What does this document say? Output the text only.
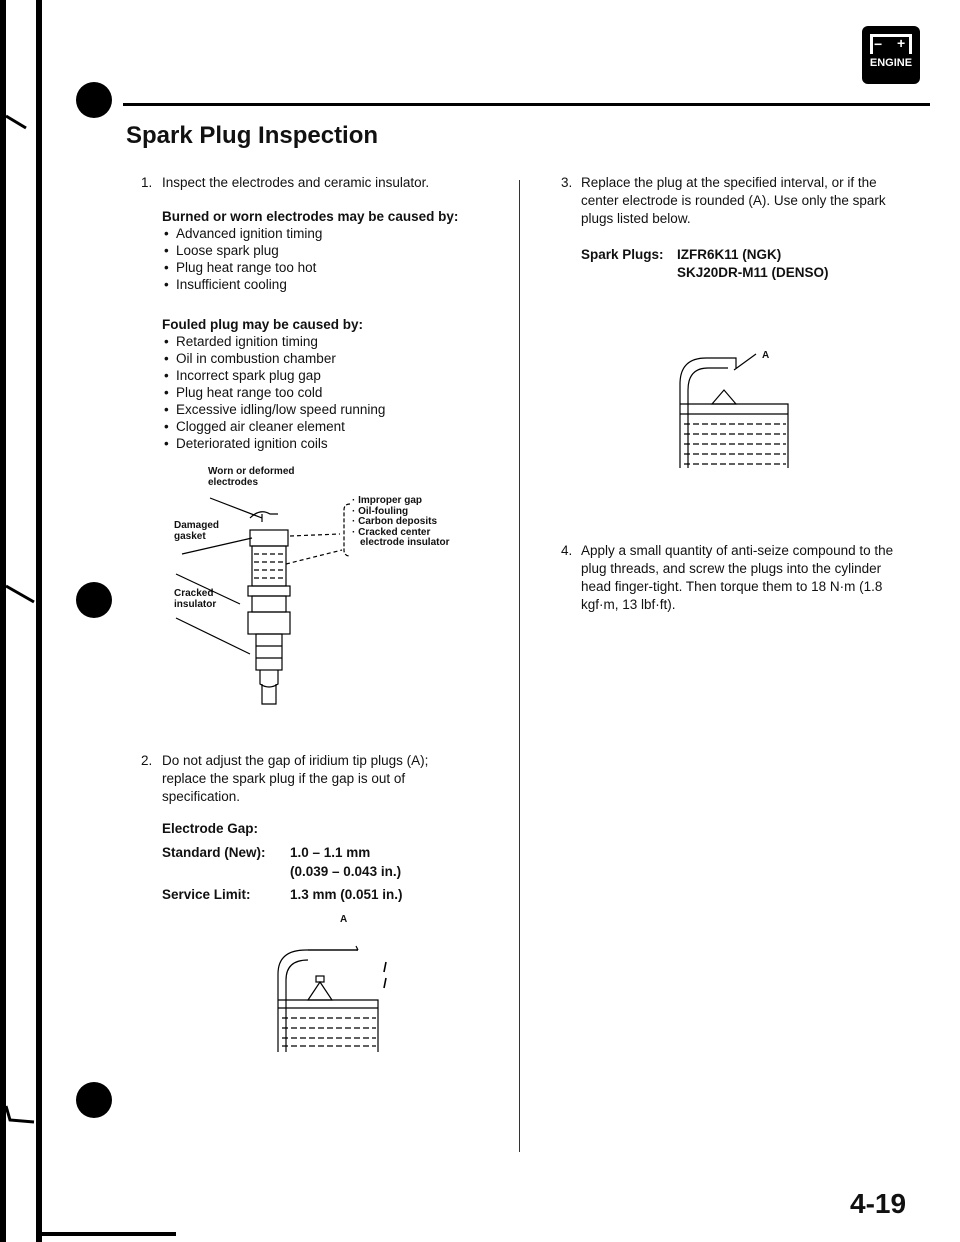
− +
ENGINE
Spark Plug Inspection
1. Inspect the electrodes and ceramic insulator.
Burned or worn electrodes may be caused by:
• Advanced ignition timing
• Loose spark plug
• Plug heat range too hot
• Insufficient cooling
Fouled plug may be caused by:
• Retarded ignition timing
• Oil in combustion chamber
• Incorrect spark plug gap
• Plug heat range too cold
• Excessive idling/low speed running
• Clogged air cleaner element
• Deteriorated ignition coils
Worn or deformed
electrodes
Damaged
gasket
Cracked
insulator
· Improper gap
· Oil-fouling
· Carbon deposits
· Cracked center
electrode insulator
2. Do not adjust the gap of iridium tip plugs (A); replace the spark plug if the gap is out of specification.
Electrode Gap:
Standard (New):	1.0 – 1.1 mm
(0.039 – 0.043 in.)
Service Limit:	1.3 mm (0.051 in.)
A
3. Replace the plug at the specified interval, or if the center electrode is rounded (A). Use only the spark plugs listed below.
Spark Plugs: IZFR6K11 (NGK)
SKJ20DR-M11 (DENSO)
A
4. Apply a small quantity of anti-seize compound to the plug threads, and screw the plugs into the cylinder head finger-tight. Then torque them to 18 N·m (1.8 kgf·m, 13 lbf·ft).
4-19
